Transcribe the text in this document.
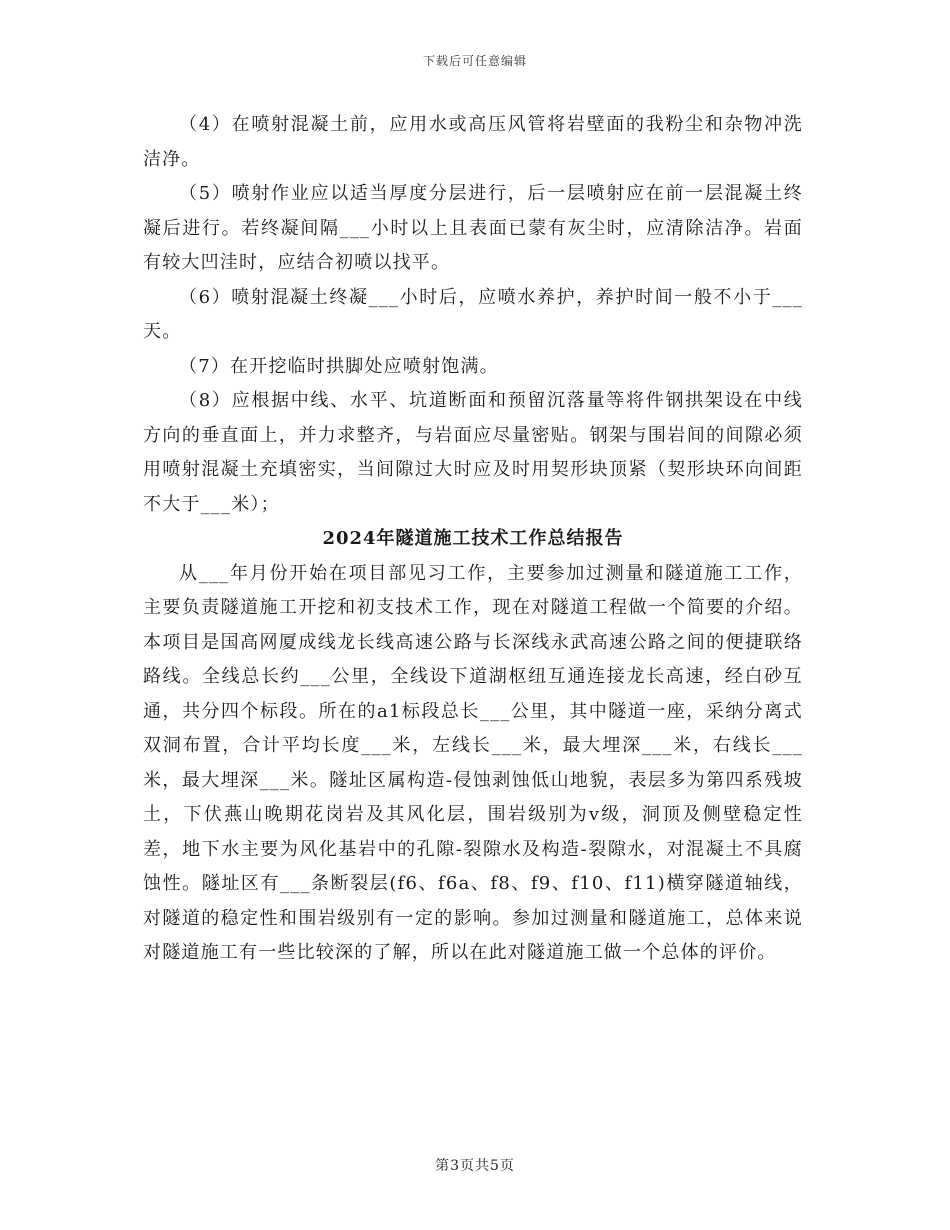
下载后可任意编辑

（4）在喷射混凝土前，应用水或高压风管将岩壁面的我粉尘和杂物冲洗洁净。

（5）喷射作业应以适当厚度分层进行，后一层喷射应在前一层混凝土终凝后进行。若终凝间隔___小时以上且表面已蒙有灰尘时，应清除洁净。岩面有较大凹洼时，应结合初喷以找平。

（6）喷射混凝土终凝___小时后，应喷水养护，养护时间一般不小于___天。

（7）在开挖临时拱脚处应喷射饱满。

（8）应根据中线、水平、坑道断面和预留沉落量等将件钢拱架设在中线方向的垂直面上，并力求整齐，与岩面应尽量密贴。钢架与围岩间的间隙必须用喷射混凝土充填密实，当间隙过大时应及时用契形块顶紧（契形块环向间距不大于___米）；

2024年隧道施工技术工作总结报告

从___年月份开始在项目部见习工作，主要参加过测量和隧道施工工作，主要负责隧道施工开挖和初支技术工作，现在对隧道工程做一个简要的介绍。本项目是国高网厦成线龙长线高速公路与长深线永武高速公路之间的便捷联络路线。全线总长约___公里，全线设下道湖枢纽互通连接龙长高速，经白砂互通，共分四个标段。所在的a1标段总长___公里，其中隧道一座，采纳分离式双洞布置，合计平均长度___米，左线长___米，最大埋深___米，右线长___米，最大埋深___米。隧址区属构造-侵蚀剥蚀低山地貌，表层多为第四系残坡土，下伏燕山晚期花岗岩及其风化层，围岩级别为v级，洞顶及侧壁稳定性差，地下水主要为风化基岩中的孔隙-裂隙水及构造-裂隙水，对混凝土不具腐蚀性。隧址区有___条断裂层(f6、f6a、f8、f9、f10、f11)横穿隧道轴线，对隧道的稳定性和围岩级别有一定的影响。参加过测量和隧道施工，总体来说对隧道施工有一些比较深的了解，所以在此对隧道施工做一个总体的评价。

第3页共5页
